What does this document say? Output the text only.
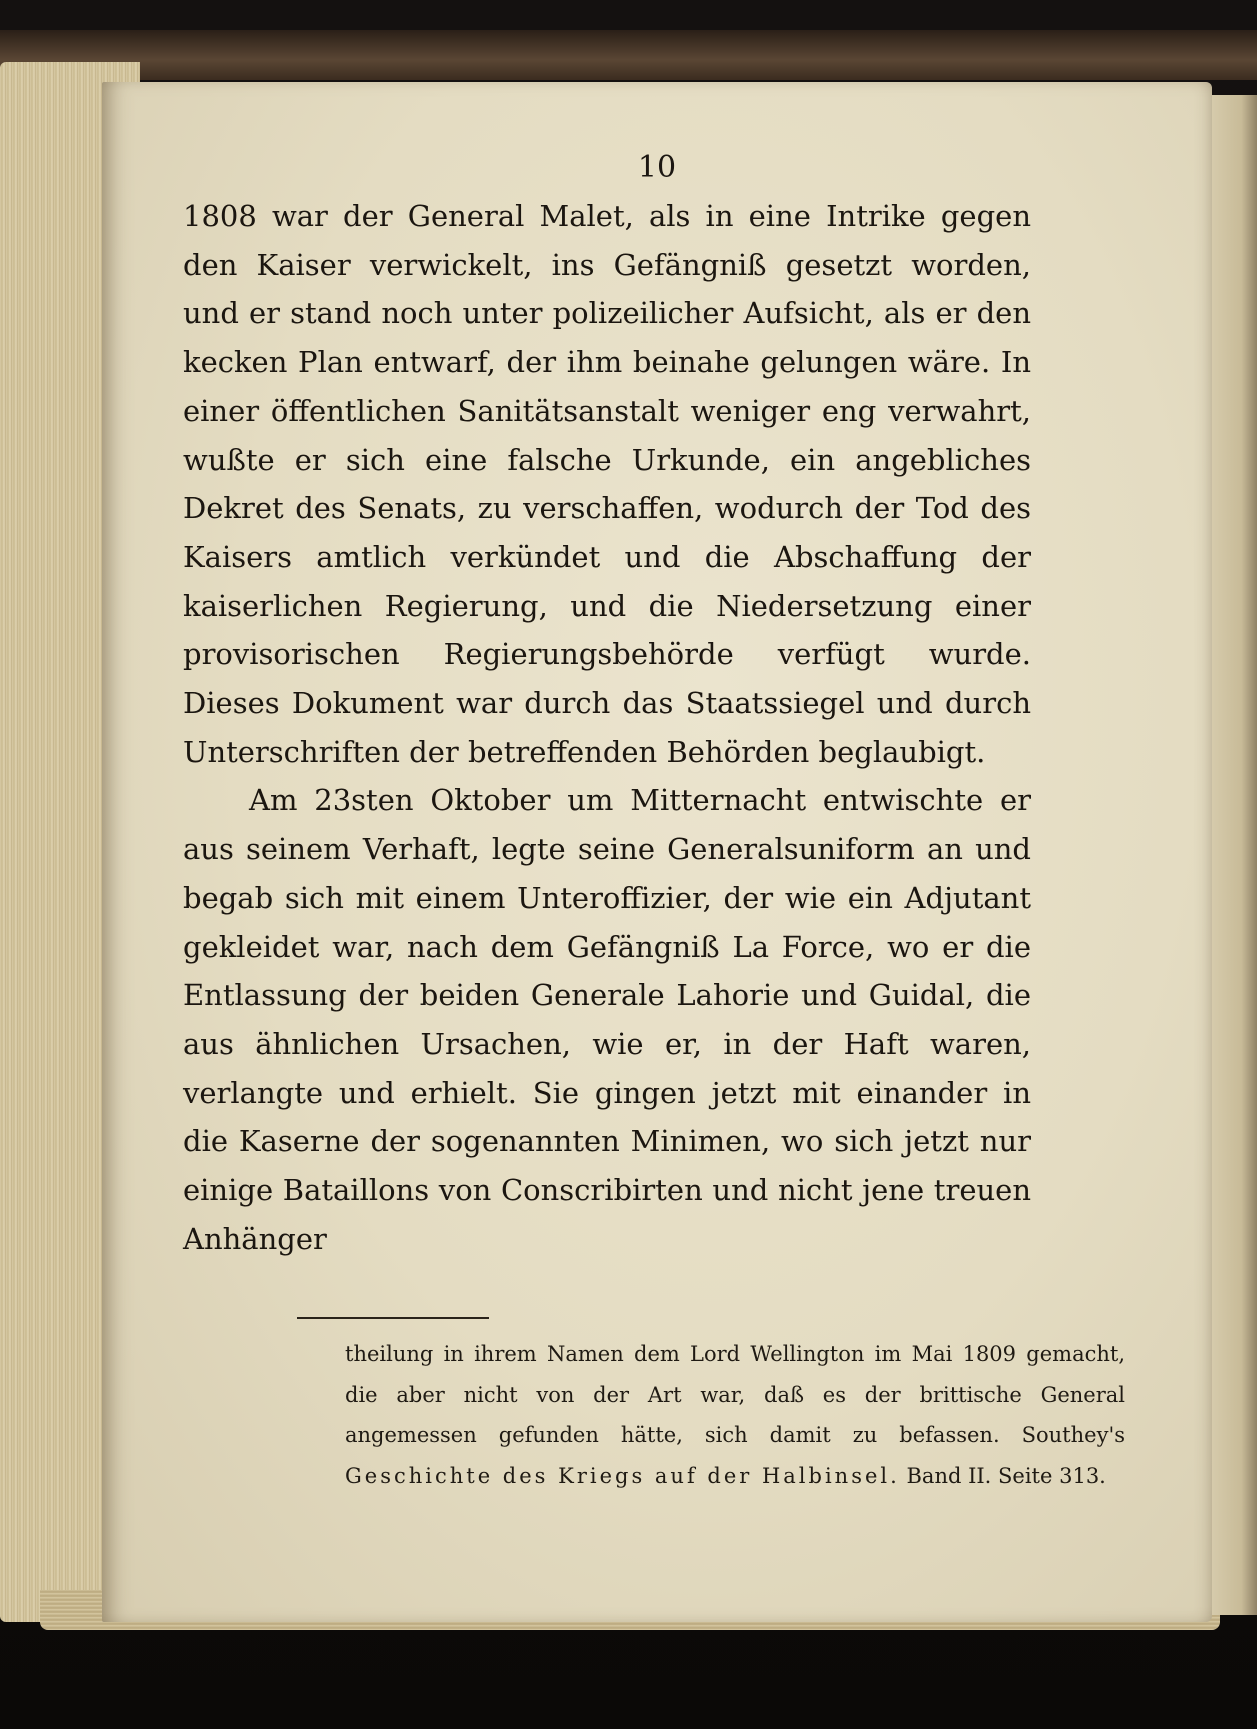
10

1808 war der General Malet, als in eine Intrike gegen den Kaiser verwickelt, ins Gefängniß gesetzt worden, und er stand noch unter polizeilicher Aufsicht, als er den kecken Plan entwarf, der ihm beinahe gelungen wäre. In einer öffentlichen Sanitätsanstalt weniger eng verwahrt, wußte er sich eine falsche Urkunde, ein angebliches Dekret des Senats, zu verschaffen, wodurch der Tod des Kaisers amtlich verkündet und die Abschaffung der kaiserlichen Regierung, und die Niedersetzung einer provisorischen Regierungsbehörde verfügt wurde. Dieses Dokument war durch das Staatssiegel und durch Unterschriften der betreffenden Behörden beglaubigt.

Am 23sten Oktober um Mitternacht entwischte er aus seinem Verhaft, legte seine Generalsuniform an und begab sich mit einem Unteroffizier, der wie ein Adjutant gekleidet war, nach dem Gefängniß La Force, wo er die Entlassung der beiden Generale Lahorie und Guidal, die aus ähnlichen Ursachen, wie er, in der Haft waren, verlangte und erhielt. Sie gingen jetzt mit einander in die Kaserne der sogenannten Minimen, wo sich jetzt nur einige Bataillons von Conscribirten und nicht jene treuen Anhänger

theilung in ihrem Namen dem Lord Wellington im Mai 1809 gemacht, die aber nicht von der Art war, daß es der brittische General angemessen gefunden hätte, sich damit zu befassen. Southey's Geschichte des Kriegs auf der Halbinsel. Band II. Seite 313.
